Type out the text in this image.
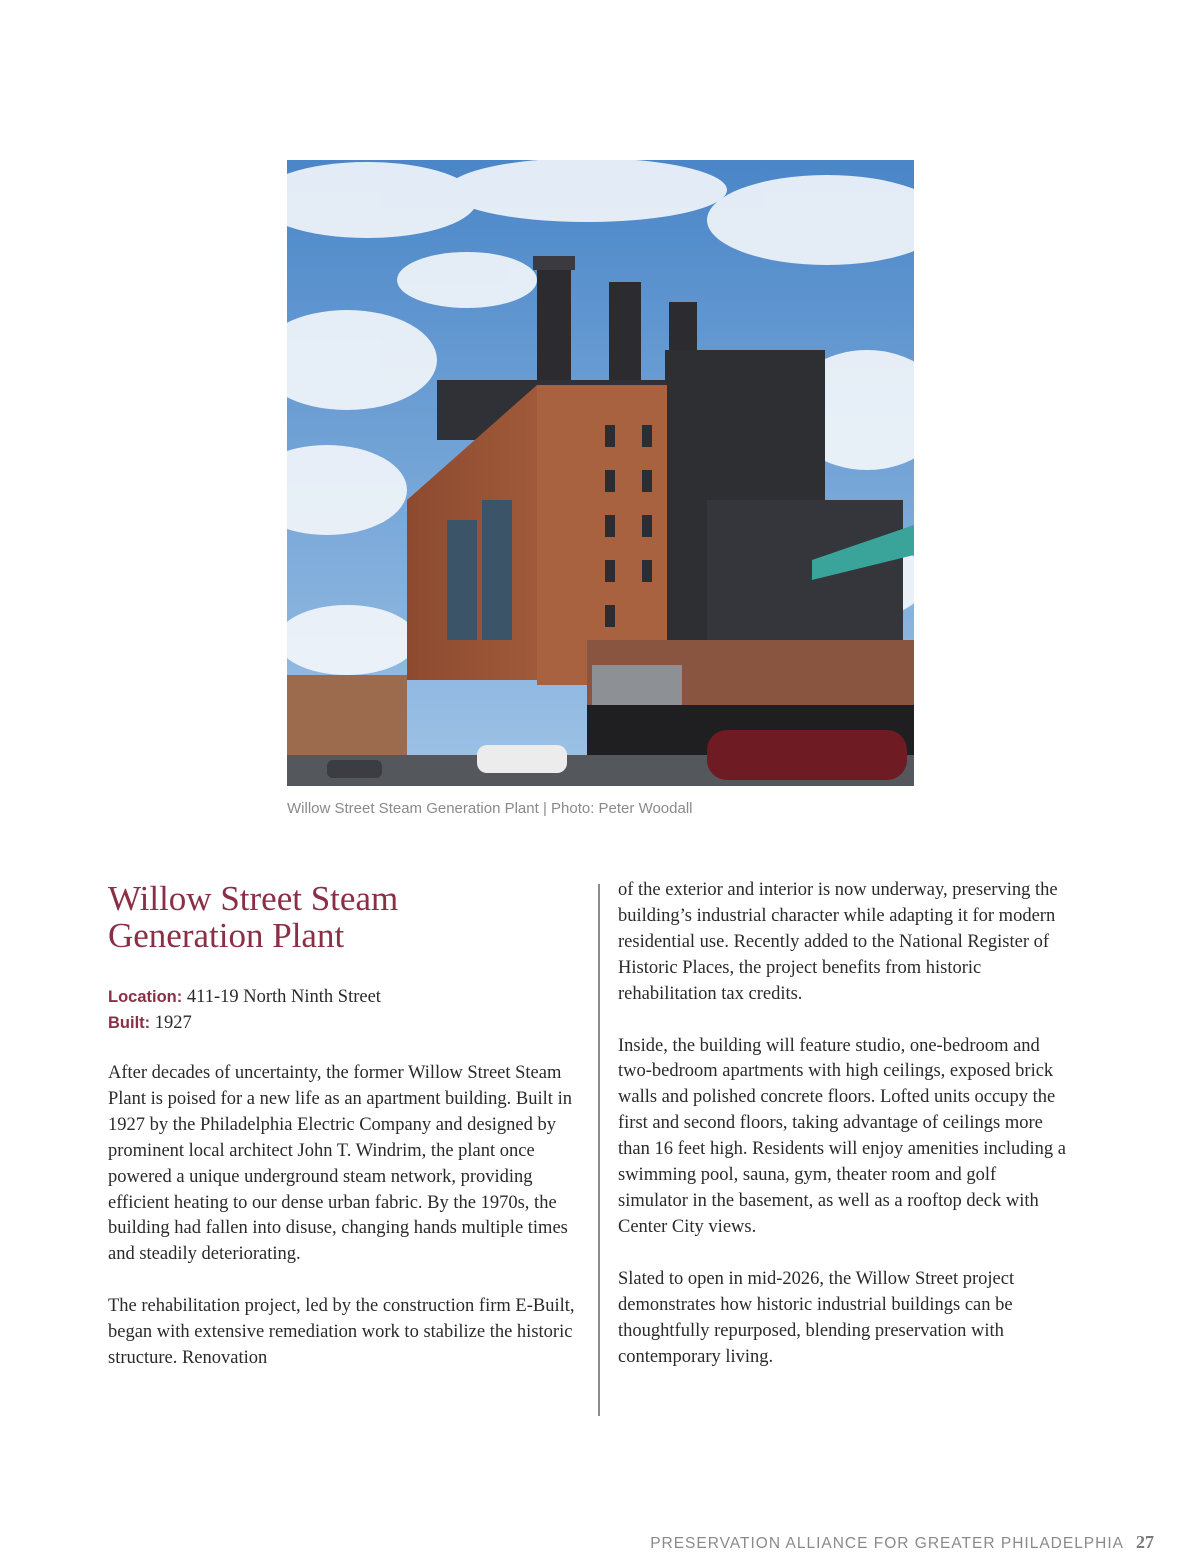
Willow Street Steam Generation Plant | Photo: Peter Woodall
Willow Street Steam
Generation Plant
Location: 411-19 North Ninth Street
Built: 1927

After decades of uncertainty, the former Willow Street Steam Plant is poised for a new life as an apartment building. Built in 1927 by the Philadelphia Electric Company and designed by prominent local architect John T. Windrim, the plant once powered a unique underground steam network, providing efficient heating to our dense urban fabric. By the 1970s, the building had fallen into disuse, changing hands multiple times and steadily deteriorating.

The rehabilitation project, led by the construction firm E-Built, began with extensive remediation work to stabilize the historic structure. Renovation

of the exterior and interior is now underway, preserving the building’s industrial character while adapting it for modern residential use. Recently added to the National Register of Historic Places, the project benefits from historic rehabilitation tax credits.

Inside, the building will feature studio, one-bedroom and two-bedroom apartments with high ceilings, exposed brick walls and polished concrete floors. Lofted units occupy the first and second floors, taking advantage of ceilings more than 16 feet high. Residents will enjoy amenities including a swimming pool, sauna, gym, theater room and golf simulator in the basement, as well as a rooftop deck with Center City views.

Slated to open in mid-2026, the Willow Street project demonstrates how historic industrial buildings can be thoughtfully repurposed, blending preservation with contemporary living.

PRESERVATION ALLIANCE FOR GREATER PHILADELPHIA 27
